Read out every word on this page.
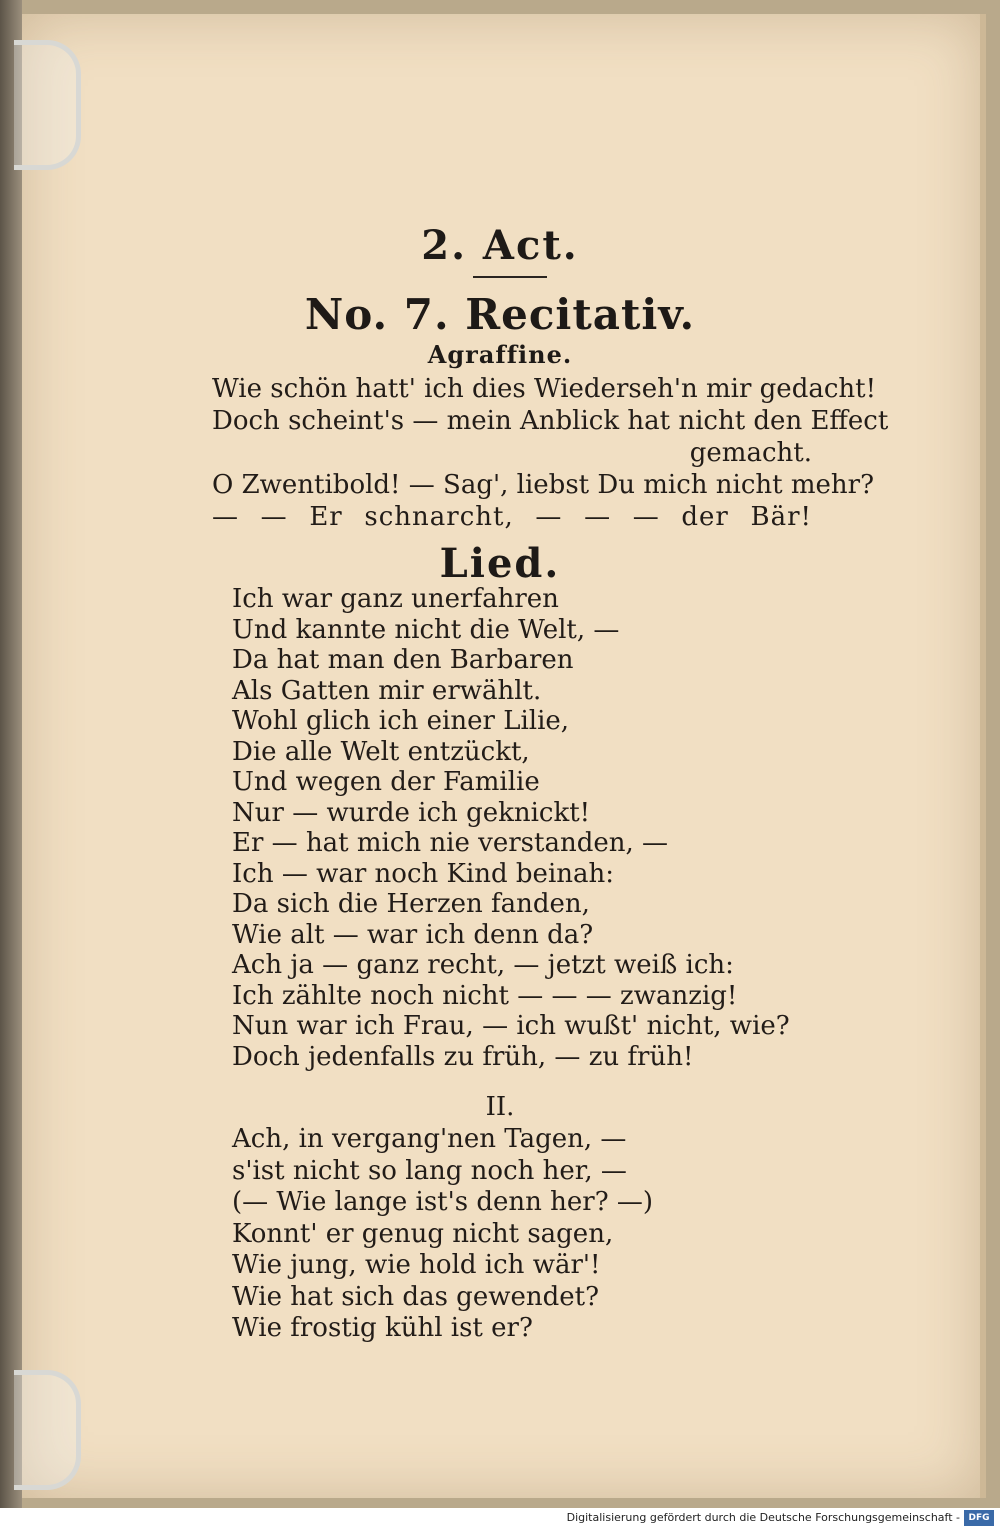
2. Act.
No. 7. Recitativ.
Agraffine.
Wie schön hatt' ich dies Wiederseh'n mir gedacht!
Doch scheint's — mein Anblick hat nicht den Effect
gemacht.
O Zwentibold! — Sag', liebst Du mich nicht mehr?
— — Er schnarcht, — — — der Bär!
Lied.
Ich war ganz unerfahren
Und kannte nicht die Welt, —
Da hat man den Barbaren
Als Gatten mir erwählt.
Wohl glich ich einer Lilie,
Die alle Welt entzückt,
Und wegen der Familie
Nur — wurde ich geknickt!
Er — hat mich nie verstanden, —
Ich — war noch Kind beinah:
Da sich die Herzen fanden,
Wie alt — war ich denn da?
Ach ja — ganz recht, — jetzt weiß ich:
Ich zählte noch nicht — — — zwanzig!
Nun war ich Frau, — ich wußt' nicht, wie?
Doch jedenfalls zu früh, — zu früh!
II.
Ach, in vergang'nen Tagen, —
s'ist nicht so lang noch her, —
(— Wie lange ist's denn her? —)
Konnt' er genug nicht sagen,
Wie jung, wie hold ich wär'!
Wie hat sich das gewendet?
Wie frostig kühl ist er?
Digitalisierung gefördert durch die Deutsche Forschungsgemeinschaft - DFG
